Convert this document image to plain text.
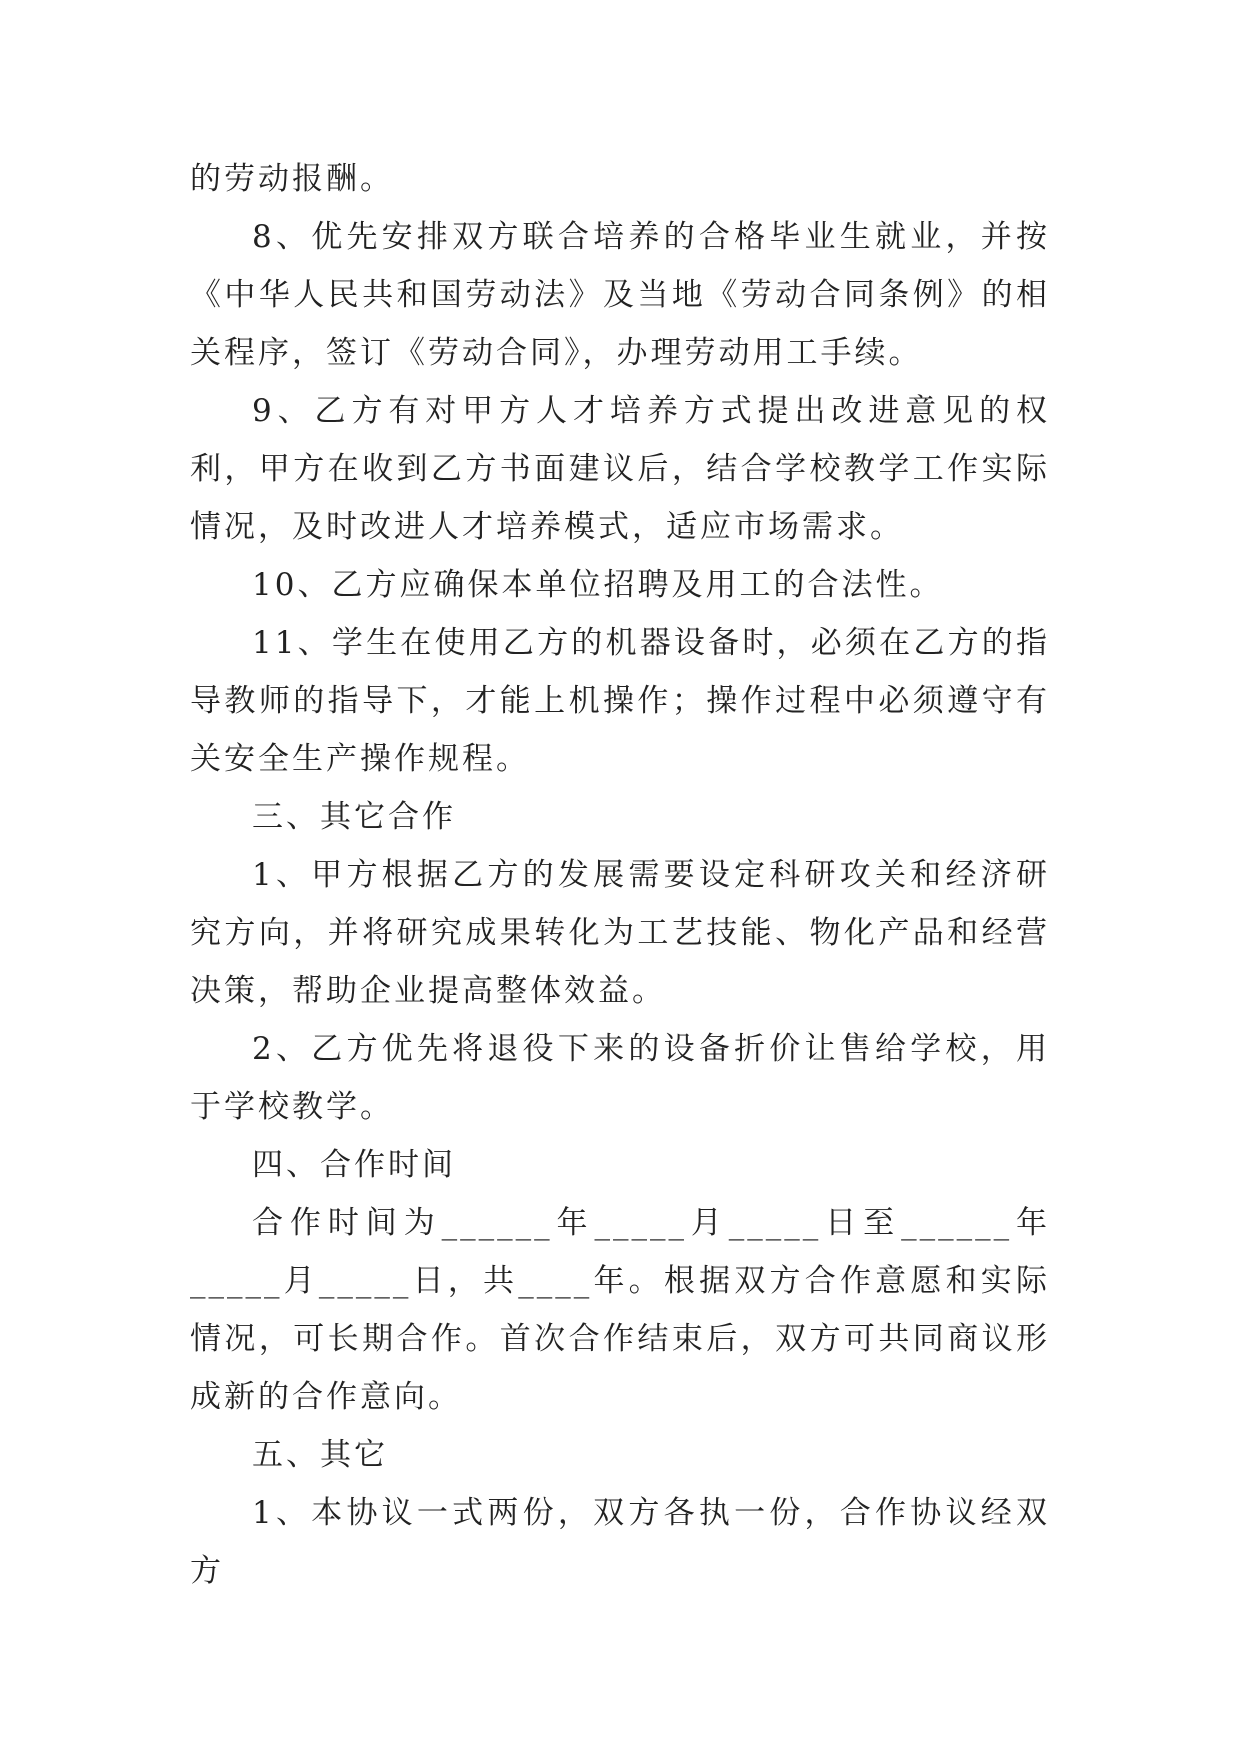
的劳动报酬。

8、优先安排双方联合培养的合格毕业生就业，并按《中华人民共和国劳动法》及当地《劳动合同条例》的相关程序，签订《劳动合同》，办理劳动用工手续。

9、乙方有对甲方人才培养方式提出改进意见的权利，甲方在收到乙方书面建议后，结合学校教学工作实际情况，及时改进人才培养模式，适应市场需求。

10、乙方应确保本单位招聘及用工的合法性。

11、学生在使用乙方的机器设备时，必须在乙方的指导教师的指导下，才能上机操作；操作过程中必须遵守有关安全生产操作规程。

三、其它合作

1、甲方根据乙方的发展需要设定科研攻关和经济研究方向，并将研究成果转化为工艺技能、物化产品和经营决策，帮助企业提高整体效益。

2、乙方优先将退役下来的设备折价让售给学校，用于学校教学。

四、合作时间

合作时间为______年_____月_____日至______年_____月_____日，共____年。根据双方合作意愿和实际情况，可长期合作。首次合作结束后，双方可共同商议形成新的合作意向。

五、其它

1、本协议一式两份，双方各执一份，合作协议经双方
